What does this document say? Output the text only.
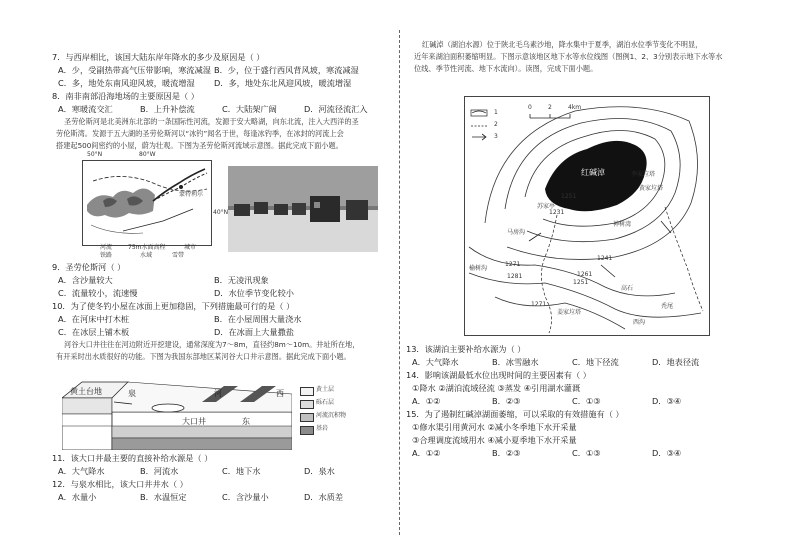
7．与西岸相比，该国大陆东岸年降水的多少及原因是（ ）
A．少，受副热带高气压带影响，寒流减湿 B．少，位于盛行西风背风坡，寒流减湿
C．多，地处东南风迎风坡，暖流增湿 D．多，地处东北风迎风坡，暖流增湿
8．南非南部沿海地场的主要原因是（ ）
A．寒暖流交汇	B．上升补偿流	C．大陆架广阔	D．河流径流汇入
圣劳伦斯河是北美洲东北部的一条国际性河流，发源于安大略湖，向东北流，注入大西洋的圣
劳伦斯湾。发源于五大湖的圣劳伦斯河以“冰钓”闻名于世，每逢冰钓季，在冰封的河流上会
搭建起500间密约的小屋，蔚为壮观。下图为圣劳伦斯河流域示意图。据此完成下面小题。
50°N	80°W
40°N
蒙特利尔
河流	75m水面高程	城市
铁路	水域	雪带
9．圣劳伦斯河（ ）
A．含沙量较大	B．无凌汛现象
C．流量较小，流速慢	D．水位季节变化较小
10．为了使冬钓小屋在冰面上更加稳固，下列措施最可行的是（ ）
A．在河床中打木桩	B．在小屋周围大量浇水
C．在冰层上铺木板	D．在冰面上大量撒盐
河谷大口井往往在河边附近开挖建设，通常深度为7～8m，直径约8m～10m。井址所在地，
有开采时出水质很好的功能。下图为我国东部地区某河谷大口井示意图。据此完成下面小题。
黄土台地	泉
大口井
河
东
西	黄土层
砾石层
河流沉积物
基岩
11．该大口井最主要的直接补给水源是（ ）
A．大气降水	B．河流水	C．地下水	D．泉水
12．与泉水相比，该大口井井水（ ）
A．水量小	B．水温恒定	C．含沙量小	D．水质差
红碱淖（湖泊水源）位于陕北毛乌素沙地，降水集中于夏季，湖泊水位季节变化不明显，
近年来湖泊面积萎缩明显。下图示意该地区地下水等水位线图（图例1、2、3分别表示地下水等水
位线、季节性河流、地下水流向）。读图，完成下面小题。
红碱淖	李家垃塔
黄家垃塔
苏家亭
神树湾
马房沟
榆树沟
姜家垃塔
高石
秃尾
西沟
1251
1241
1231
1271
1261
1281
1271
1251
1
2
3
0	2	4km
13．该湖泊主要补给水源为（ ）
A．大气降水	B．冰雪融水	C．地下径流	D．地表径流
14．影响该湖最低水位出现时间的主要因素有（ ）
①降水 ②湖泊流域径流 ③蒸发 ④引用湖水灌溉
A．①②	B．②③	C．①③	D．③④
15．为了遏制红碱淖湖面萎缩，可以采取的有效措施有（ ）
①修水渠引用黄河水 ②减小冬季地下水开采量
③合理调度流域用水 ④减小夏季地下水开采量
A．①②	B．②③	C．①③	D．③④
